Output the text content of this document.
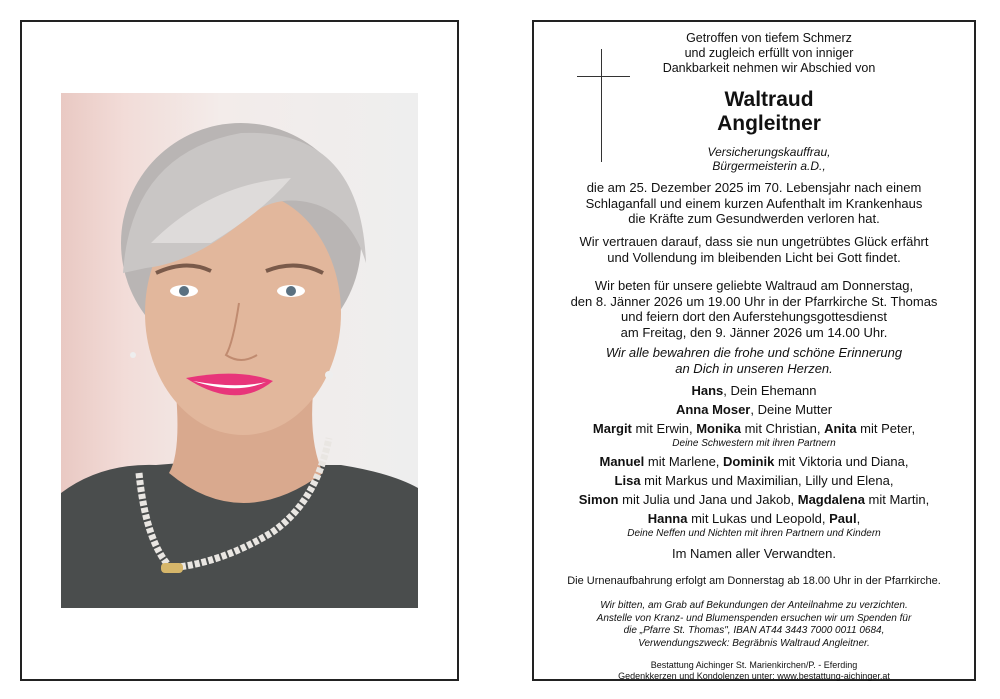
Getroffen von tiefem Schmerz
und zugleich erfüllt von inniger
Dankbarkeit nehmen wir Abschied von
Waltraud
Angleitner
Versicherungskauffrau,
Bürgermeisterin a.D.,
die am 25. Dezember 2025 im 70. Lebensjahr nach einem
Schlaganfall und einem kurzen Aufenthalt im Krankenhaus
die Kräfte zum Gesundwerden verloren hat.
Wir vertrauen darauf, dass sie nun ungetrübtes Glück erfährt
und Vollendung im bleibenden Licht bei Gott findet.
Wir beten für unsere geliebte Waltraud am Donnerstag,
den 8. Jänner 2026 um 19.00 Uhr in der Pfarrkirche St. Thomas
und feiern dort den Auferstehungsgottesdienst
am Freitag, den 9. Jänner 2026 um 14.00 Uhr.
Wir alle bewahren die frohe und schöne Erinnerung
an Dich in unseren Herzen.
Hans, Dein Ehemann
Anna Moser, Deine Mutter
Margit mit Erwin, Monika mit Christian, Anita mit Peter,
Deine Schwestern mit ihren Partnern
Manuel mit Marlene, Dominik mit Viktoria und Diana,
Lisa mit Markus und Maximilian, Lilly und Elena,
Simon mit Julia und Jana und Jakob, Magdalena mit Martin,
Hanna mit Lukas und Leopold, Paul,
Deine Neffen und Nichten mit ihren Partnern und Kindern
Im Namen aller Verwandten.
Die Urnenaufbahrung erfolgt am Donnerstag ab 18.00 Uhr in der Pfarrkirche.
Wir bitten, am Grab auf Bekundungen der Anteilnahme zu verzichten.
Anstelle von Kranz- und Blumenspenden ersuchen wir um Spenden für
die „Pfarre St. Thomas", IBAN AT44 3443 7000 0011 0684,
Verwendungszweck: Begräbnis Waltraud Angleitner.
Bestattung Aichinger St. Marienkirchen/P. - Eferding
Gedenkkerzen und Kondolenzen unter: www.bestattung-aichinger.at
